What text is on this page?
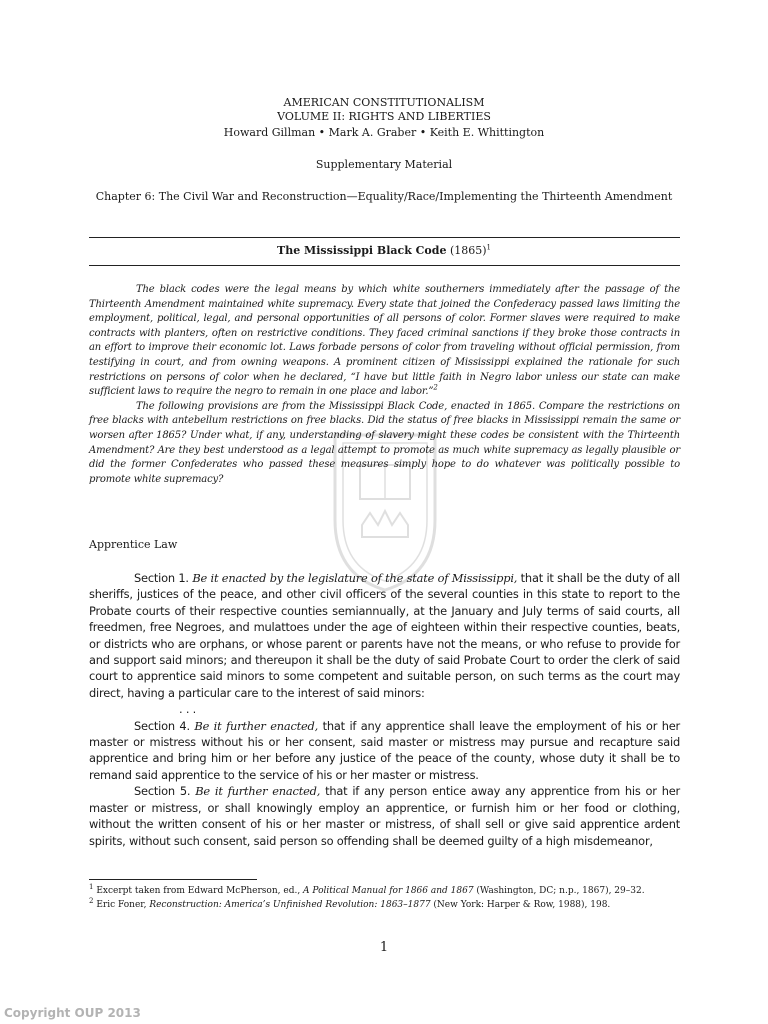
AMERICAN CONSTITUTIONALISM
VOLUME II: RIGHTS AND LIBERTIES
Howard Gillman • Mark A. Graber • Keith E. Whittington
Supplementary Material
Chapter 6: The Civil War and Reconstruction—Equality/Race/Implementing the Thirteenth Amendment
The Mississippi Black Code $(1865)^1$

The black codes were the legal means by which white southerners immediately after the passage of the Thirteenth Amendment maintained white supremacy. Every state that joined the Confederacy passed laws limiting the employment, political, legal, and personal opportunities of all persons of color. Former slaves were required to make contracts with planters, often on restrictive conditions. They faced criminal sanctions if they broke those contracts in an effort to improve their economic lot. Laws forbade persons of color from traveling without official permission, from testifying in court, and from owning weapons. A prominent citizen of Mississippi explained the rationale for such restrictions on persons of color when he declared, “I have but little faith in Negro labor unless our state can make sufficient laws to require the negro to remain in one place and labor.”$^2$

The following provisions are from the Mississippi Black Code, enacted in 1865. Compare the restrictions on free blacks with antebellum restrictions on free blacks. Did the status of free blacks in Mississippi remain the same or worsen after 1865? Under what, if any, understanding of slavery might these codes be consistent with the Thirteenth Amendment? Are they best understood as a legal attempt to promote as much white supremacy as legally plausible or did the former Confederates who passed these measures simply hope to do whatever was politically possible to promote white supremacy?

Apprentice Law

Section 1. Be it enacted by the legislature of the state of Mississippi, that it shall be the duty of all sheriffs, justices of the peace, and other civil officers of the several counties in this state to report to the Probate courts of their respective counties semiannually, at the January and July terms of said courts, all freedmen, free Negroes, and mulattoes under the age of eighteen within their respective counties, beats, or districts who are orphans, or whose parent or parents have not the means, or who refuse to provide for and support said minors; and thereupon it shall be the duty of said Probate Court to order the clerk of said court to apprentice said minors to some competent and suitable person, on such terms as the court may direct, having a particular care to the interest of said minors:

. . .

Section 4. Be it further enacted, that if any apprentice shall leave the employment of his or her master or mistress without his or her consent, said master or mistress may pursue and recapture said apprentice and bring him or her before any justice of the peace of the county, whose duty it shall be to remand said apprentice to the service of his or her master or mistress.

Section 5. Be it further enacted, that if any person entice away any apprentice from his or her master or mistress, or shall knowingly employ an apprentice, or furnish him or her food or clothing, without the written consent of his or her master or mistress, of shall sell or give said apprentice ardent spirits, without such consent, said person so offending shall be deemed guilty of a high misdemeanor,

$^1$ Excerpt taken from Edward McPherson, ed., A Political Manual for 1866 and 1867 (Washington, DC; n.p., 1867), 29–32.

$^2$ Eric Foner, Reconstruction: America’s Unfinished Revolution: 1863–1877 (New York: Harper & Row, 1988), 198.

1
Copyright OUP 2013
